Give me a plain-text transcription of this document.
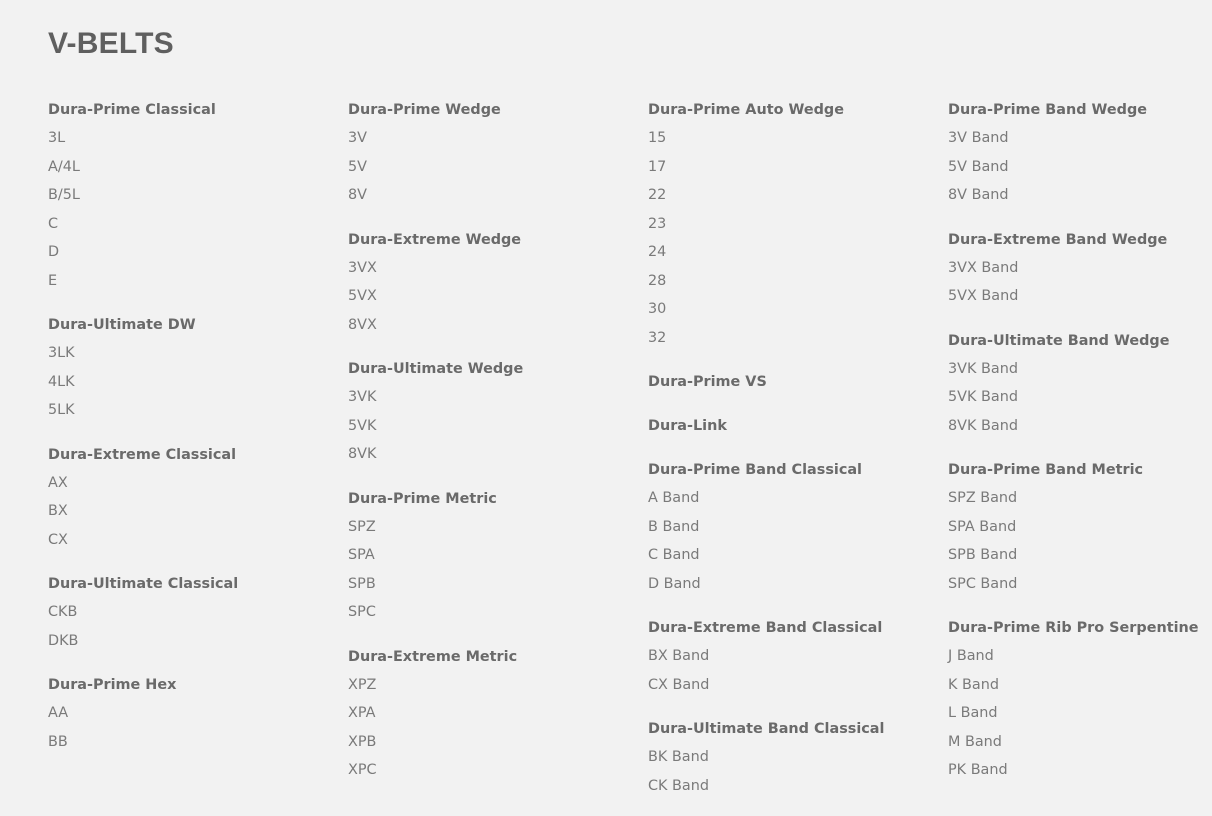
V-BELTS
Dura-Prime Classical
3L
A/4L
B/5L
C
D
E
Dura-Ultimate DW
3LK
4LK
5LK
Dura-Extreme Classical
AX
BX
CX
Dura-Ultimate Classical
CKB
DKB
Dura-Prime Hex
AA
BB
Dura-Prime Wedge
3V
5V
8V
Dura-Extreme Wedge
3VX
5VX
8VX
Dura-Ultimate Wedge
3VK
5VK
8VK
Dura-Prime Metric
SPZ
SPA
SPB
SPC
Dura-Extreme Metric
XPZ
XPA
XPB
XPC
Dura-Prime Auto Wedge
15
17
22
23
24
28
30
32
Dura-Prime VS
Dura-Link
Dura-Prime Band Classical
A Band
B Band
C Band
D Band
Dura-Extreme Band Classical
BX Band
CX Band
Dura-Ultimate Band Classical
BK Band
CK Band
Dura-Prime Band Wedge
3V Band
5V Band
8V Band
Dura-Extreme Band Wedge
3VX Band
5VX Band
Dura-Ultimate Band Wedge
3VK Band
5VK Band
8VK Band
Dura-Prime Band Metric
SPZ Band
SPA Band
SPB Band
SPC Band
Dura-Prime Rib Pro Serpentine
J Band
K Band
L Band
M Band
PK Band
